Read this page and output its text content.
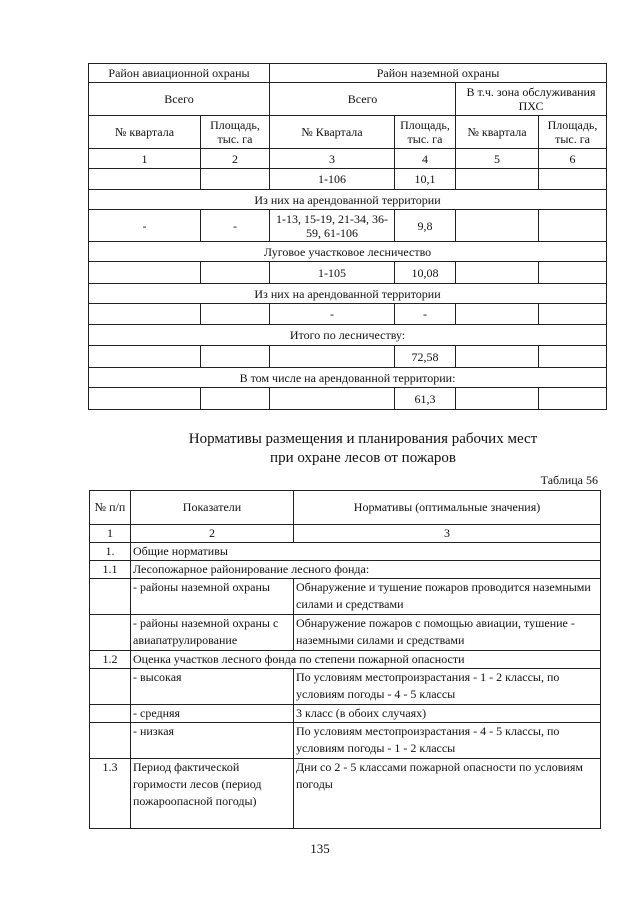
Район авиационной охраны		Район наземной охраны			
Всего		Всего		В т.ч. зона обслуживания ПХС	
№ квартала	Площадь, тыс. га	№ Квартала	Площадь, тыс. га	№ квартала	Площадь, тыс. га
1	2	3	4	5	6
		1-106	10,1		
Из них на арендованной территории					
-	-	1-13, 15-19, 21-34, 36-59, 61-106	9,8		
Луговое участковое лесничество					
		1-105	10,08		
Из них на арендованной территории					
		-	-		
Итого по лесничеству:					
			72,58		
В том числе на арендованной территории:					
			61,3		
Нормативы размещения и планирования рабочих мест
при охране лесов от пожаров
Таблица 56
№ п/п	Показатели	Нормативы (оптимальные значения)
1	2	3
1.	Общие нормативы	
1.1	Лесопожарное районирование лесного фонда:	
	- районы наземной охраны	Обнаружение и тушение пожаров проводится наземными силами и средствами
	- районы наземной охраны с авиапатрулирование	Обнаружение пожаров с помощью авиации, тушение - наземными силами и средствами
1.2	Оценка участков лесного фонда по степени пожарной опасности	
	- высокая	По условиям местопроизрастания - 1 - 2 классы, по условиям погоды - 4 - 5 классы
	- средняя	3 класс (в обоих случаях)
	- низкая	По условиям местопроизрастания - 4 - 5 классы, по условиям погоды - 1 - 2 классы
1.3	Период фактической горимости лесов (период пожароопасной погоды)	Дни со 2 - 5 классами пожарной опасности по условиям погоды
135
